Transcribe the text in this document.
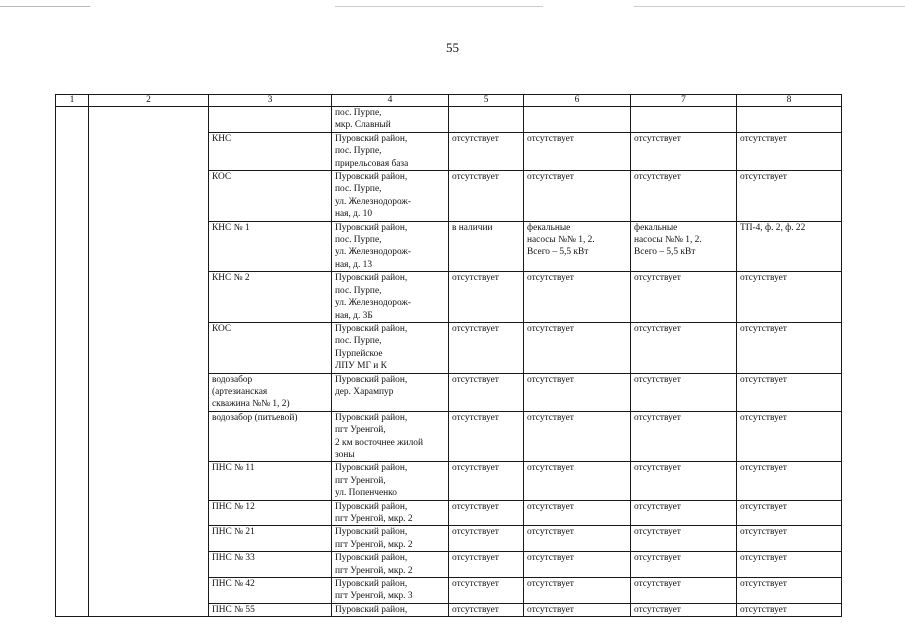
55
1	2	3	4	5	6	7	8
			пос. Пурпе,
мкр. Славный				
		КНС	Пуровский район,
пос. Пурпе,
прирельсовая база	отсутствует	отсутствует	отсутствует	отсутствует
		КОС	Пуровский район,
пос. Пурпе,
ул. Железнодорож-
ная, д. 10	отсутствует	отсутствует	отсутствует	отсутствует
		КНС № 1	Пуровский район,
пос. Пурпе,
ул. Железнодорож-
ная, д. 13	в наличии	фекальные
насосы №№ 1, 2.
Всего – 5,5 кВт	фекальные
насосы №№ 1, 2.
Всего – 5,5 кВт	ТП-4, ф. 2, ф. 22
		КНС № 2	Пуровский район,
пос. Пурпе,
ул. Железнодорож-
ная, д. 3Б	отсутствует	отсутствует	отсутствует	отсутствует
		КОС	Пуровский район,
пос. Пурпе,
Пурпейское
ЛПУ МГ и К	отсутствует	отсутствует	отсутствует	отсутствует
		водозабор
(артезианская
скважина №№ 1, 2)	Пуровский район,
дер. Харампур	отсутствует	отсутствует	отсутствует	отсутствует
		водозабор (питьевой)	Пуровский район,
пгт Уренгой,
2 км восточнее жилой
зоны	отсутствует	отсутствует	отсутствует	отсутствует
		ПНС № 11	Пуровский район,
пгт Уренгой,
ул. Попенченко	отсутствует	отсутствует	отсутствует	отсутствует
		ПНС № 12	Пуровский район,
пгт Уренгой, мкр. 2	отсутствует	отсутствует	отсутствует	отсутствует
		ПНС № 21	Пуровский район,
пгт Уренгой, мкр. 2	отсутствует	отсутствует	отсутствует	отсутствует
		ПНС № 33	Пуровский район,
пгт Уренгой, мкр. 2	отсутствует	отсутствует	отсутствует	отсутствует
		ПНС № 42	Пуровский район,
пгт Уренгой, мкр. 3	отсутствует	отсутствует	отсутствует	отсутствует
		ПНС № 55	Пуровский район,	отсутствует	отсутствует	отсутствует	отсутствует
